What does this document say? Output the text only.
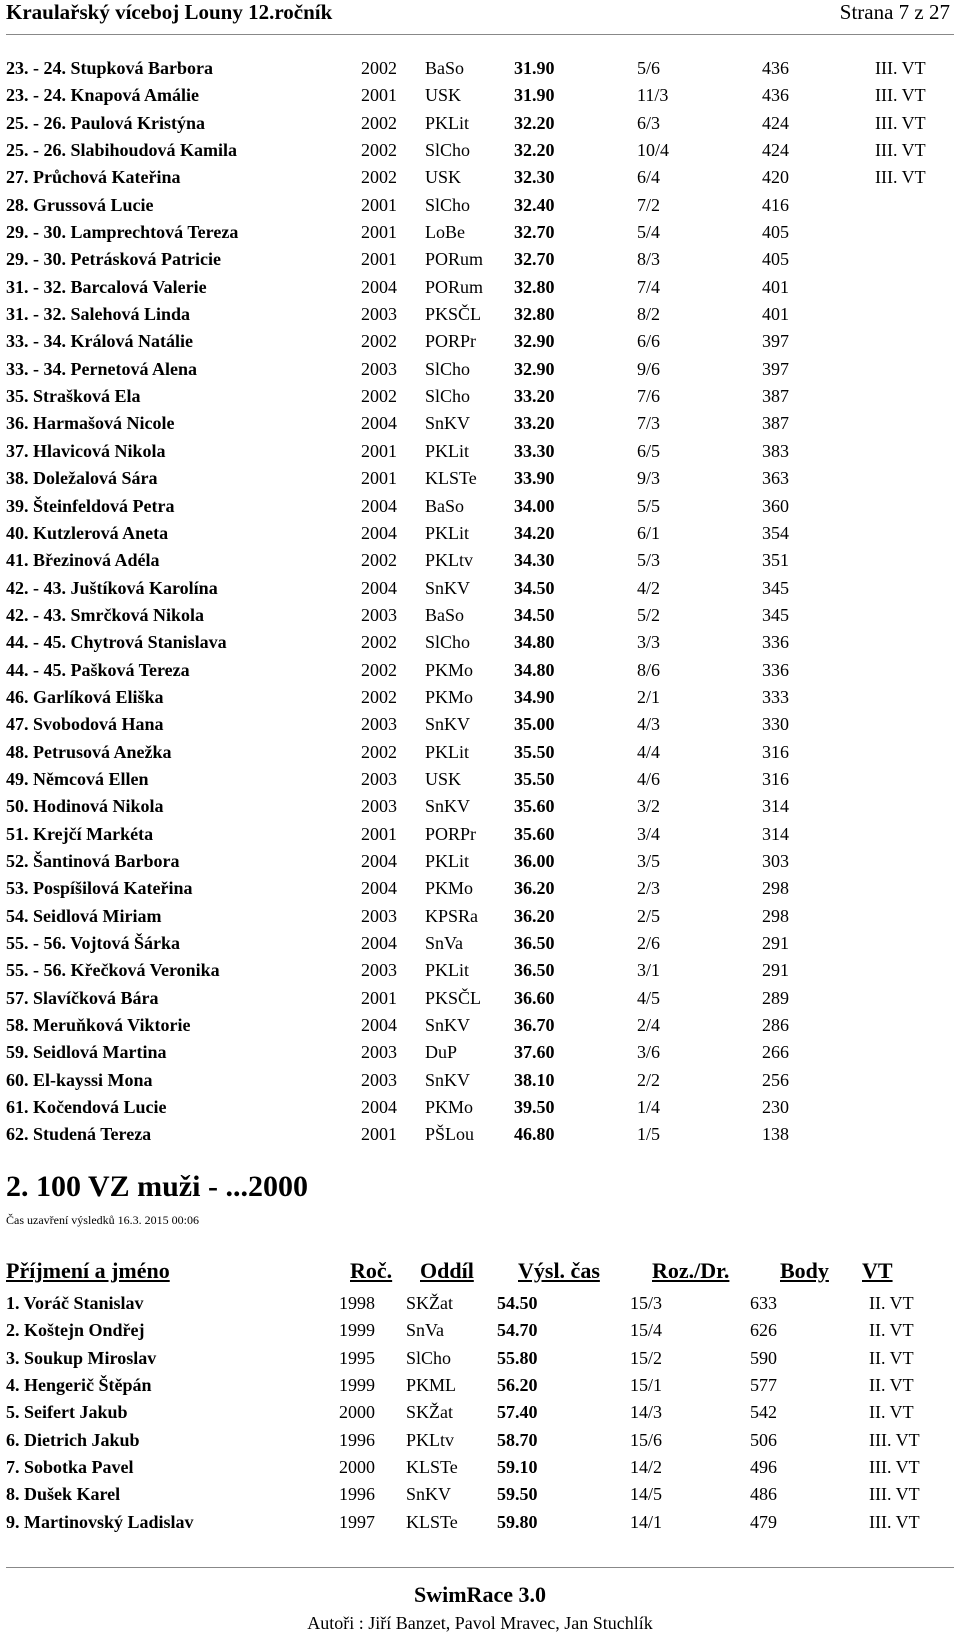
Kraulařský víceboj Louny 12.ročník	Strana 7 z 27
23. - 24. Stupková Barbora	2002 BaSo	31.90	5/6	436	III. VT
23. - 24. Knapová Amálie	2001 USK	31.90	11/3	436	III. VT
25. - 26. Paulová Kristýna	2002 PKLit 32.20	6/3	424	III. VT
25. - 26. Slabihoudová Kamila	2002 SlCho 32.20	10/4	424	III. VT
27. Průchová Kateřina	2002 USK	32.30	6/4	420	III. VT
28. Grussová Lucie	2001 SlCho 32.40	7/2	416
29. - 30. Lamprechtová Tereza	2001 LoBe	32.70	5/4	405
29. - 30. Petrásková Patricie	2001 PORum 32.70	8/3	405
31. - 32. Barcalová Valerie	2004 PORum 32.80	7/4	401
31. - 32. Salehová Linda	2003 PKSČL 32.80	8/2	401
33. - 34. Králová Natálie	2002 PORPr 32.90	6/6	397
33. - 34. Pernetová Alena	2003 SlCho 32.90	9/6	397
35. Strašková Ela	2002 SlCho 33.20	7/6	387
36. Harmašová Nicole	2004 SnKV 33.20	7/3	387
37. Hlavicová Nikola	2001 PKLit 33.30	6/5	383
38. Doležalová Sára	2001 KLSTe 33.90	9/3	363
39. Šteinfeldová Petra	2004 BaSo	34.00	5/5	360
40. Kutzlerová Aneta	2004 PKLit 34.20	6/1	354
41. Březinová Adéla	2002 PKLtv 34.30	5/3	351
42. - 43. Juštíková Karolína	2004 SnKV 34.50	4/2	345
42. - 43. Smrčková Nikola	2003 BaSo	34.50	5/2	345
44. - 45. Chytrová Stanislava	2002 SlCho 34.80	3/3	336
44. - 45. Pašková Tereza	2002 PKMo 34.80	8/6	336
46. Garlíková Eliška	2002 PKMo 34.90	2/1	333
47. Svobodová Hana	2003 SnKV 35.00	4/3	330
48. Petrusová Anežka	2002 PKLit 35.50	4/4	316
49. Němcová Ellen	2003 USK	35.50	4/6	316
50. Hodinová Nikola	2003 SnKV 35.60	3/2	314
51. Krejčí Markéta	2001 PORPr 35.60	3/4	314
52. Šantinová Barbora	2004 PKLit 36.00	3/5	303
53. Pospíšilová Kateřina	2004 PKMo 36.20	2/3	298
54. Seidlová Miriam	2003 KPSRa 36.20	2/5	298
55. - 56. Vojtová Šárka	2004 SnVa	36.50	2/6	291
55. - 56. Křečková Veronika	2003 PKLit 36.50	3/1	291
57. Slavíčková Bára	2001 PKSČL 36.60	4/5	289
58. Meruňková Viktorie	2004 SnKV 36.70	2/4	286
59. Seidlová Martina	2003 DuP	37.60	3/6	266
60. El-kayssi Mona	2003 SnKV 38.10	2/2	256
61. Kočendová Lucie	2004 PKMo 39.50	1/4	230
62. Studená Tereza	2001 PŠLou 46.80	1/5	138
2. 100 VZ muži - ...2000
Čas uzavření výsledků 16.3. 2015 00:06
Příjmení a jméno	Roč. Oddíl Výsl. čas Roz./Dr. Body VT
1. Voráč Stanislav	1998 SKŽat 54.50	15/3	633	II. VT
2. Koštejn Ondřej	1999 SnVa	54.70	15/4	626	II. VT
3. Soukup Miroslav	1995 SlCho	55.80	15/2	590	II. VT
4. Hengerič Štěpán	1999 PKML 56.20	15/1	577	II. VT
5. Seifert Jakub	2000 SKŽat 57.40	14/3	542	II. VT
6. Dietrich Jakub	1996 PKLtv 58.70	15/6	506	III. VT
7. Sobotka Pavel	2000 KLSTe 59.10	14/2	496	III. VT
8. Dušek Karel	1996 SnKV	59.50	14/5	486	III. VT
9. Martinovský Ladislav	1997 KLSTe 59.80	14/1	479	III. VT
SwimRace 3.0
Autoři : Jiří Banzet, Pavol Mravec, Jan Stuchlík
